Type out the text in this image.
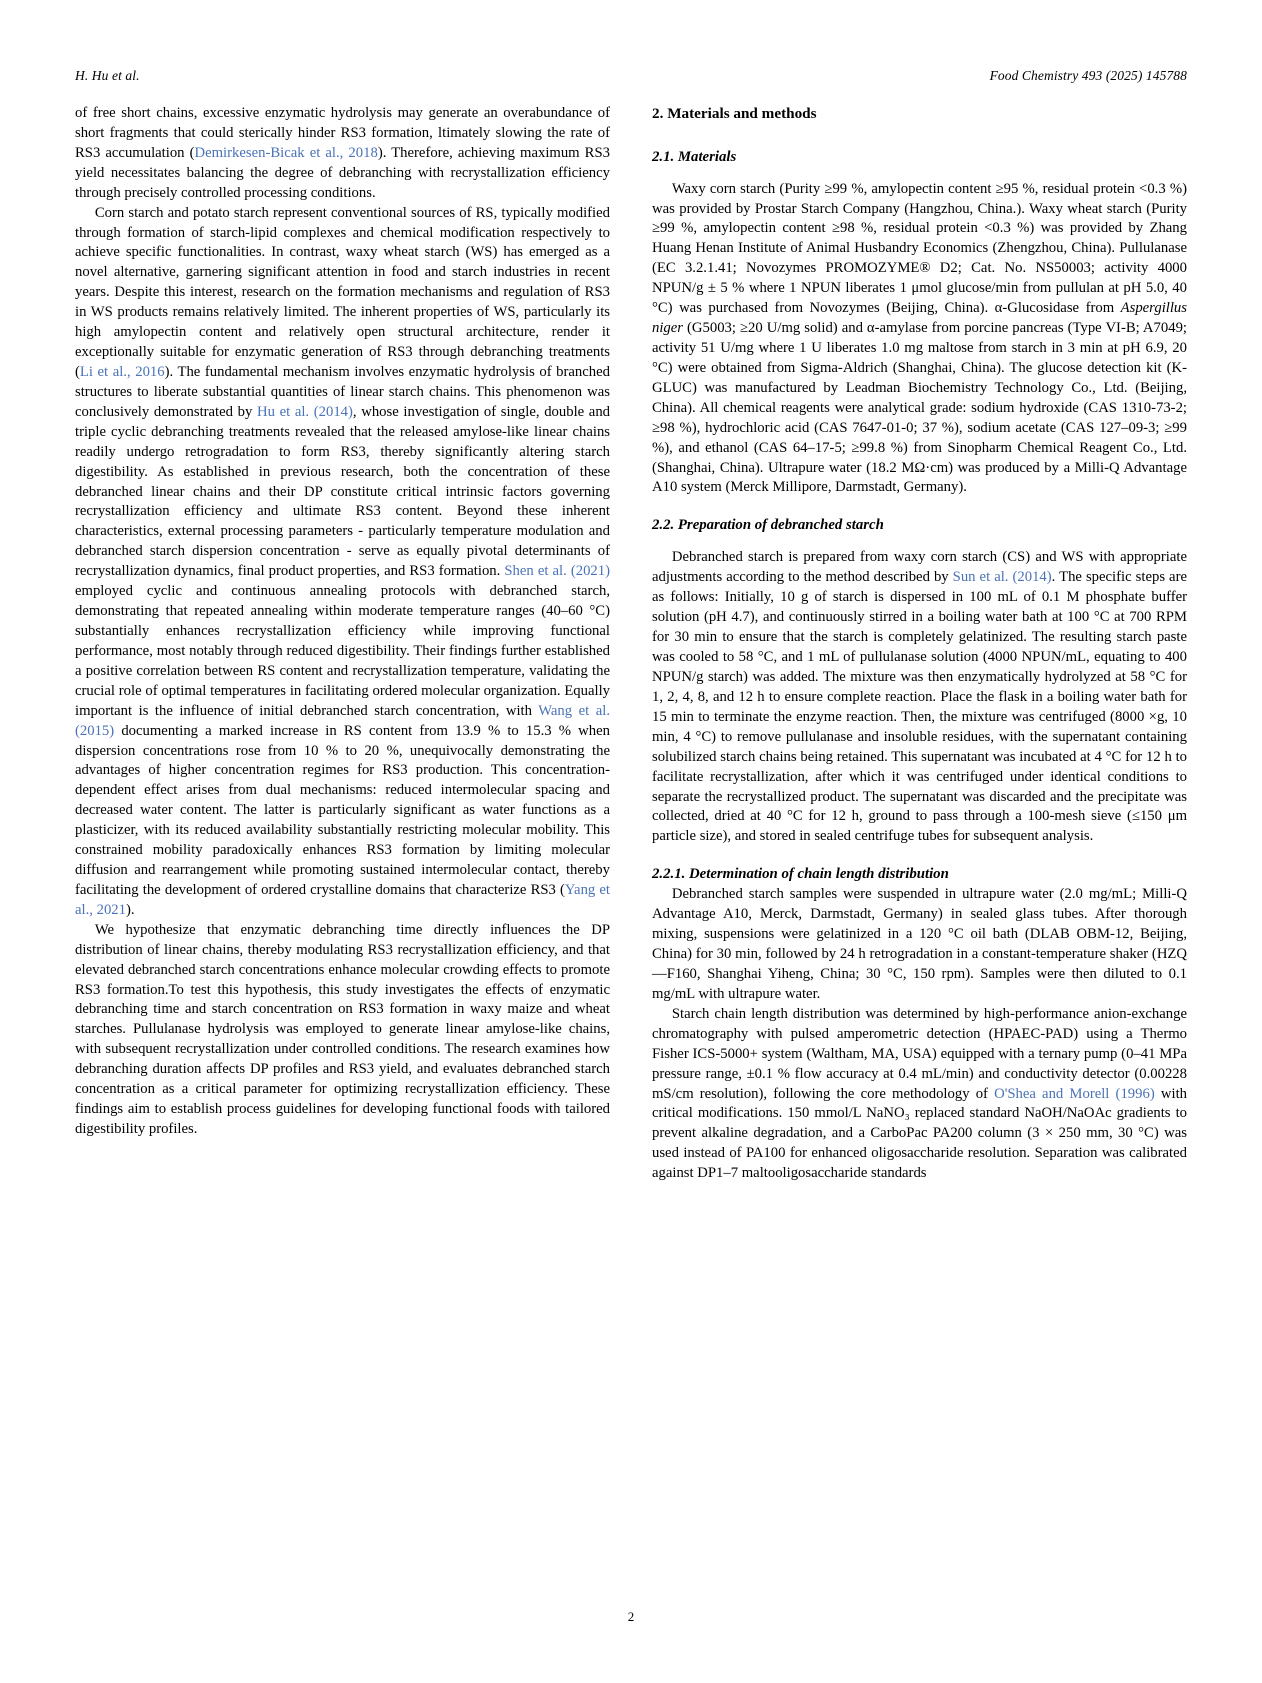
H. Hu et al.	Food Chemistry 493 (2025) 145788

of free short chains, excessive enzymatic hydrolysis may generate an overabundance of short fragments that could sterically hinder RS3 formation, ltimately slowing the rate of RS3 accumulation (Demirkesen-Bicak et al., 2018). Therefore, achieving maximum RS3 yield necessitates balancing the degree of debranching with recrystallization efficiency through precisely controlled processing conditions.

Corn starch and potato starch represent conventional sources of RS, typically modified through formation of starch-lipid complexes and chemical modification respectively to achieve specific functionalities. In contrast, waxy wheat starch (WS) has emerged as a novel alternative, garnering significant attention in food and starch industries in recent years. Despite this interest, research on the formation mechanisms and regulation of RS3 in WS products remains relatively limited. The inherent properties of WS, particularly its high amylopectin content and relatively open structural architecture, render it exceptionally suitable for enzymatic generation of RS3 through debranching treatments (Li et al., 2016). The fundamental mechanism involves enzymatic hydrolysis of branched structures to liberate substantial quantities of linear starch chains. This phenomenon was conclusively demonstrated by Hu et al. (2014), whose investigation of single, double and triple cyclic debranching treatments revealed that the released amylose-like linear chains readily undergo retrogradation to form RS3, thereby significantly altering starch digestibility. As established in previous research, both the concentration of these debranched linear chains and their DP constitute critical intrinsic factors governing recrystallization efficiency and ultimate RS3 content. Beyond these inherent characteristics, external processing parameters - particularly temperature modulation and debranched starch dispersion concentration - serve as equally pivotal determinants of recrystallization dynamics, final product properties, and RS3 formation. Shen et al. (2021) employed cyclic and continuous annealing protocols with debranched starch, demonstrating that repeated annealing within moderate temperature ranges (40–60 °C) substantially enhances recrystallization efficiency while improving functional performance, most notably through reduced digestibility. Their findings further established a positive correlation between RS content and recrystallization temperature, validating the crucial role of optimal temperatures in facilitating ordered molecular organization. Equally important is the influence of initial debranched starch concentration, with Wang et al. (2015) documenting a marked increase in RS content from 13.9 % to 15.3 % when dispersion concentrations rose from 10 % to 20 %, unequivocally demonstrating the advantages of higher concentration regimes for RS3 production. This concentration-dependent effect arises from dual mechanisms: reduced intermolecular spacing and decreased water content. The latter is particularly significant as water functions as a plasticizer, with its reduced availability substantially restricting molecular mobility. This constrained mobility paradoxically enhances RS3 formation by limiting molecular diffusion and rearrangement while promoting sustained intermolecular contact, thereby facilitating the development of ordered crystalline domains that characterize RS3 (Yang et al., 2021).

We hypothesize that enzymatic debranching time directly influences the DP distribution of linear chains, thereby modulating RS3 recrystallization efficiency, and that elevated debranched starch concentrations enhance molecular crowding effects to promote RS3 formation.To test this hypothesis, this study investigates the effects of enzymatic debranching time and starch concentration on RS3 formation in waxy maize and wheat starches. Pullulanase hydrolysis was employed to generate linear amylose-like chains, with subsequent recrystallization under controlled conditions. The research examines how debranching duration affects DP profiles and RS3 yield, and evaluates debranched starch concentration as a critical parameter for optimizing recrystallization efficiency. These findings aim to establish process guidelines for developing functional foods with tailored digestibility profiles.

2. Materials and methods
2.1. Materials

Waxy corn starch (Purity ≥99 %, amylopectin content ≥95 %, residual protein <0.3 %) was provided by Prostar Starch Company (Hangzhou, China.). Waxy wheat starch (Purity ≥99 %, amylopectin content ≥98 %, residual protein <0.3 %) was provided by Zhang Huang Henan Institute of Animal Husbandry Economics (Zhengzhou, China). Pullulanase (EC 3.2.1.41; Novozymes PROMOZYME® D2; Cat. No. NS50003; activity 4000 NPUN/g ± 5 % where 1 NPUN liberates 1 μmol glucose/min from pullulan at pH 5.0, 40 °C) was purchased from Novozymes (Beijing, China). α-Glucosidase from Aspergillus niger (G5003; ≥20 U/mg solid) and α-amylase from porcine pancreas (Type VI-B; A7049; activity 51 U/mg where 1 U liberates 1.0 mg maltose from starch in 3 min at pH 6.9, 20 °C) were obtained from Sigma-Aldrich (Shanghai, China). The glucose detection kit (K-GLUC) was manufactured by Leadman Biochemistry Technology Co., Ltd. (Beijing, China). All chemical reagents were analytical grade: sodium hydroxide (CAS 1310-73-2; ≥98 %), hydrochloric acid (CAS 7647-01-0; 37 %), sodium acetate (CAS 127–09-3; ≥99 %), and ethanol (CAS 64–17-5; ≥99.8 %) from Sinopharm Chemical Reagent Co., Ltd. (Shanghai, China). Ultrapure water (18.2 MΩ·cm) was produced by a Milli-Q Advantage A10 system (Merck Millipore, Darmstadt, Germany).

2.2. Preparation of debranched starch

Debranched starch is prepared from waxy corn starch (CS) and WS with appropriate adjustments according to the method described by Sun et al. (2014). The specific steps are as follows: Initially, 10 g of starch is dispersed in 100 mL of 0.1 M phosphate buffer solution (pH 4.7), and continuously stirred in a boiling water bath at 100 °C at 700 RPM for 30 min to ensure that the starch is completely gelatinized. The resulting starch paste was cooled to 58 °C, and 1 mL of pullulanase solution (4000 NPUN/mL, equating to 400 NPUN/g starch) was added. The mixture was then enzymatically hydrolyzed at 58 °C for 1, 2, 4, 8, and 12 h to ensure complete reaction. Place the flask in a boiling water bath for 15 min to terminate the enzyme reaction. Then, the mixture was centrifuged (8000 ×g, 10 min, 4 °C) to remove pullulanase and insoluble residues, with the supernatant containing solubilized starch chains being retained. This supernatant was incubated at 4 °C for 12 h to facilitate recrystallization, after which it was centrifuged under identical conditions to separate the recrystallized product. The supernatant was discarded and the precipitate was collected, dried at 40 °C for 12 h, ground to pass through a 100-mesh sieve (≤150 μm particle size), and stored in sealed centrifuge tubes for subsequent analysis.

2.2.1. Determination of chain length distribution

Debranched starch samples were suspended in ultrapure water (2.0 mg/mL; Milli-Q Advantage A10, Merck, Darmstadt, Germany) in sealed glass tubes. After thorough mixing, suspensions were gelatinized in a 120 °C oil bath (DLAB OBM-12, Beijing, China) for 30 min, followed by 24 h retrogradation in a constant-temperature shaker (HZQ—F160, Shanghai Yiheng, China; 30 °C, 150 rpm). Samples were then diluted to 0.1 mg/mL with ultrapure water.

Starch chain length distribution was determined by high-performance anion-exchange chromatography with pulsed amperometric detection (HPAEC-PAD) using a Thermo Fisher ICS-5000+ system (Waltham, MA, USA) equipped with a ternary pump (0–41 MPa pressure range, ±0.1 % flow accuracy at 0.4 mL/min) and conductivity detector (0.00228 mS/cm resolution), following the core methodology of O'Shea and Morell (1996) with critical modifications. 150 mmol/L NaNO₃ replaced standard NaOH/NaOAc gradients to prevent alkaline degradation, and a CarboPac PA200 column (3 × 250 mm, 30 °C) was used instead of PA100 for enhanced oligosaccharide resolution. Separation was calibrated against DP1–7 maltooligosaccharide standards

2
